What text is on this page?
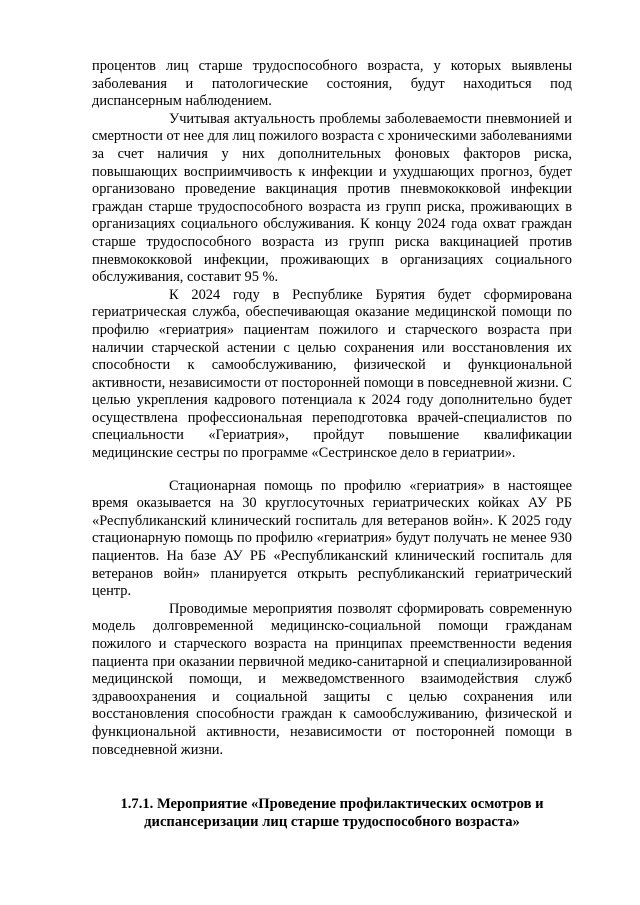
процентов лиц старше трудоспособного возраста, у которых выявлены заболевания и патологические состояния, будут находиться под диспансерным наблюдением.

Учитывая актуальность проблемы заболеваемости пневмонией и смертности от нее для лиц пожилого возраста с хроническими заболеваниями за счет наличия у них дополнительных фоновых факторов риска, повышающих восприимчивость к инфекции и ухудшающих прогноз, будет организовано проведение вакцинация против пневмококковой инфекции граждан старше трудоспособного возраста из групп риска, проживающих в организациях социального обслуживания. К концу 2024 года охват граждан старше трудоспособного возраста из групп риска вакцинацией против пневмококковой инфекции, проживающих в организациях социального обслуживания, составит 95 %.

К 2024 году в Республике Бурятия будет сформирована гериатрическая служба, обеспечивающая оказание медицинской помощи по профилю «гериатрия» пациентам пожилого и старческого возраста при наличии старческой астении с целью сохранения или восстановления их способности к самообслуживанию, физической и функциональной активности, независимости от посторонней помощи в повседневной жизни. С целью укрепления кадрового потенциала к 2024 году дополнительно будет осуществлена профессиональная переподготовка врачей-специалистов по специальности «Гериатрия», пройдут повышение квалификации медицинские сестры по программе «Сестринское дело в гериатрии».

Стационарная помощь по профилю «гериатрия» в настоящее время оказывается на 30 круглосуточных гериатрических койках АУ РБ «Республиканский клинический госпиталь для ветеранов войн». К 2025 году стационарную помощь по профилю «гериатрия» будут получать не менее 930 пациентов. На базе АУ РБ «Республиканский клинический госпиталь для ветеранов войн» планируется открыть республиканский гериатрический центр.

Проводимые мероприятия позволят сформировать современную модель долговременной медицинско-социальной помощи гражданам пожилого и старческого возраста на принципах преемственности ведения пациента при оказании первичной медико-санитарной и специализированной медицинской помощи, и межведомственного взаимодействия служб здравоохранения и социальной защиты с целью сохранения или восстановления способности граждан к самообслуживанию, физической и функциональной активности, независимости от посторонней помощи в повседневной жизни.

1.7.1. Мероприятие «Проведение профилактических осмотров и диспансеризации лиц старше трудоспособного возраста»
